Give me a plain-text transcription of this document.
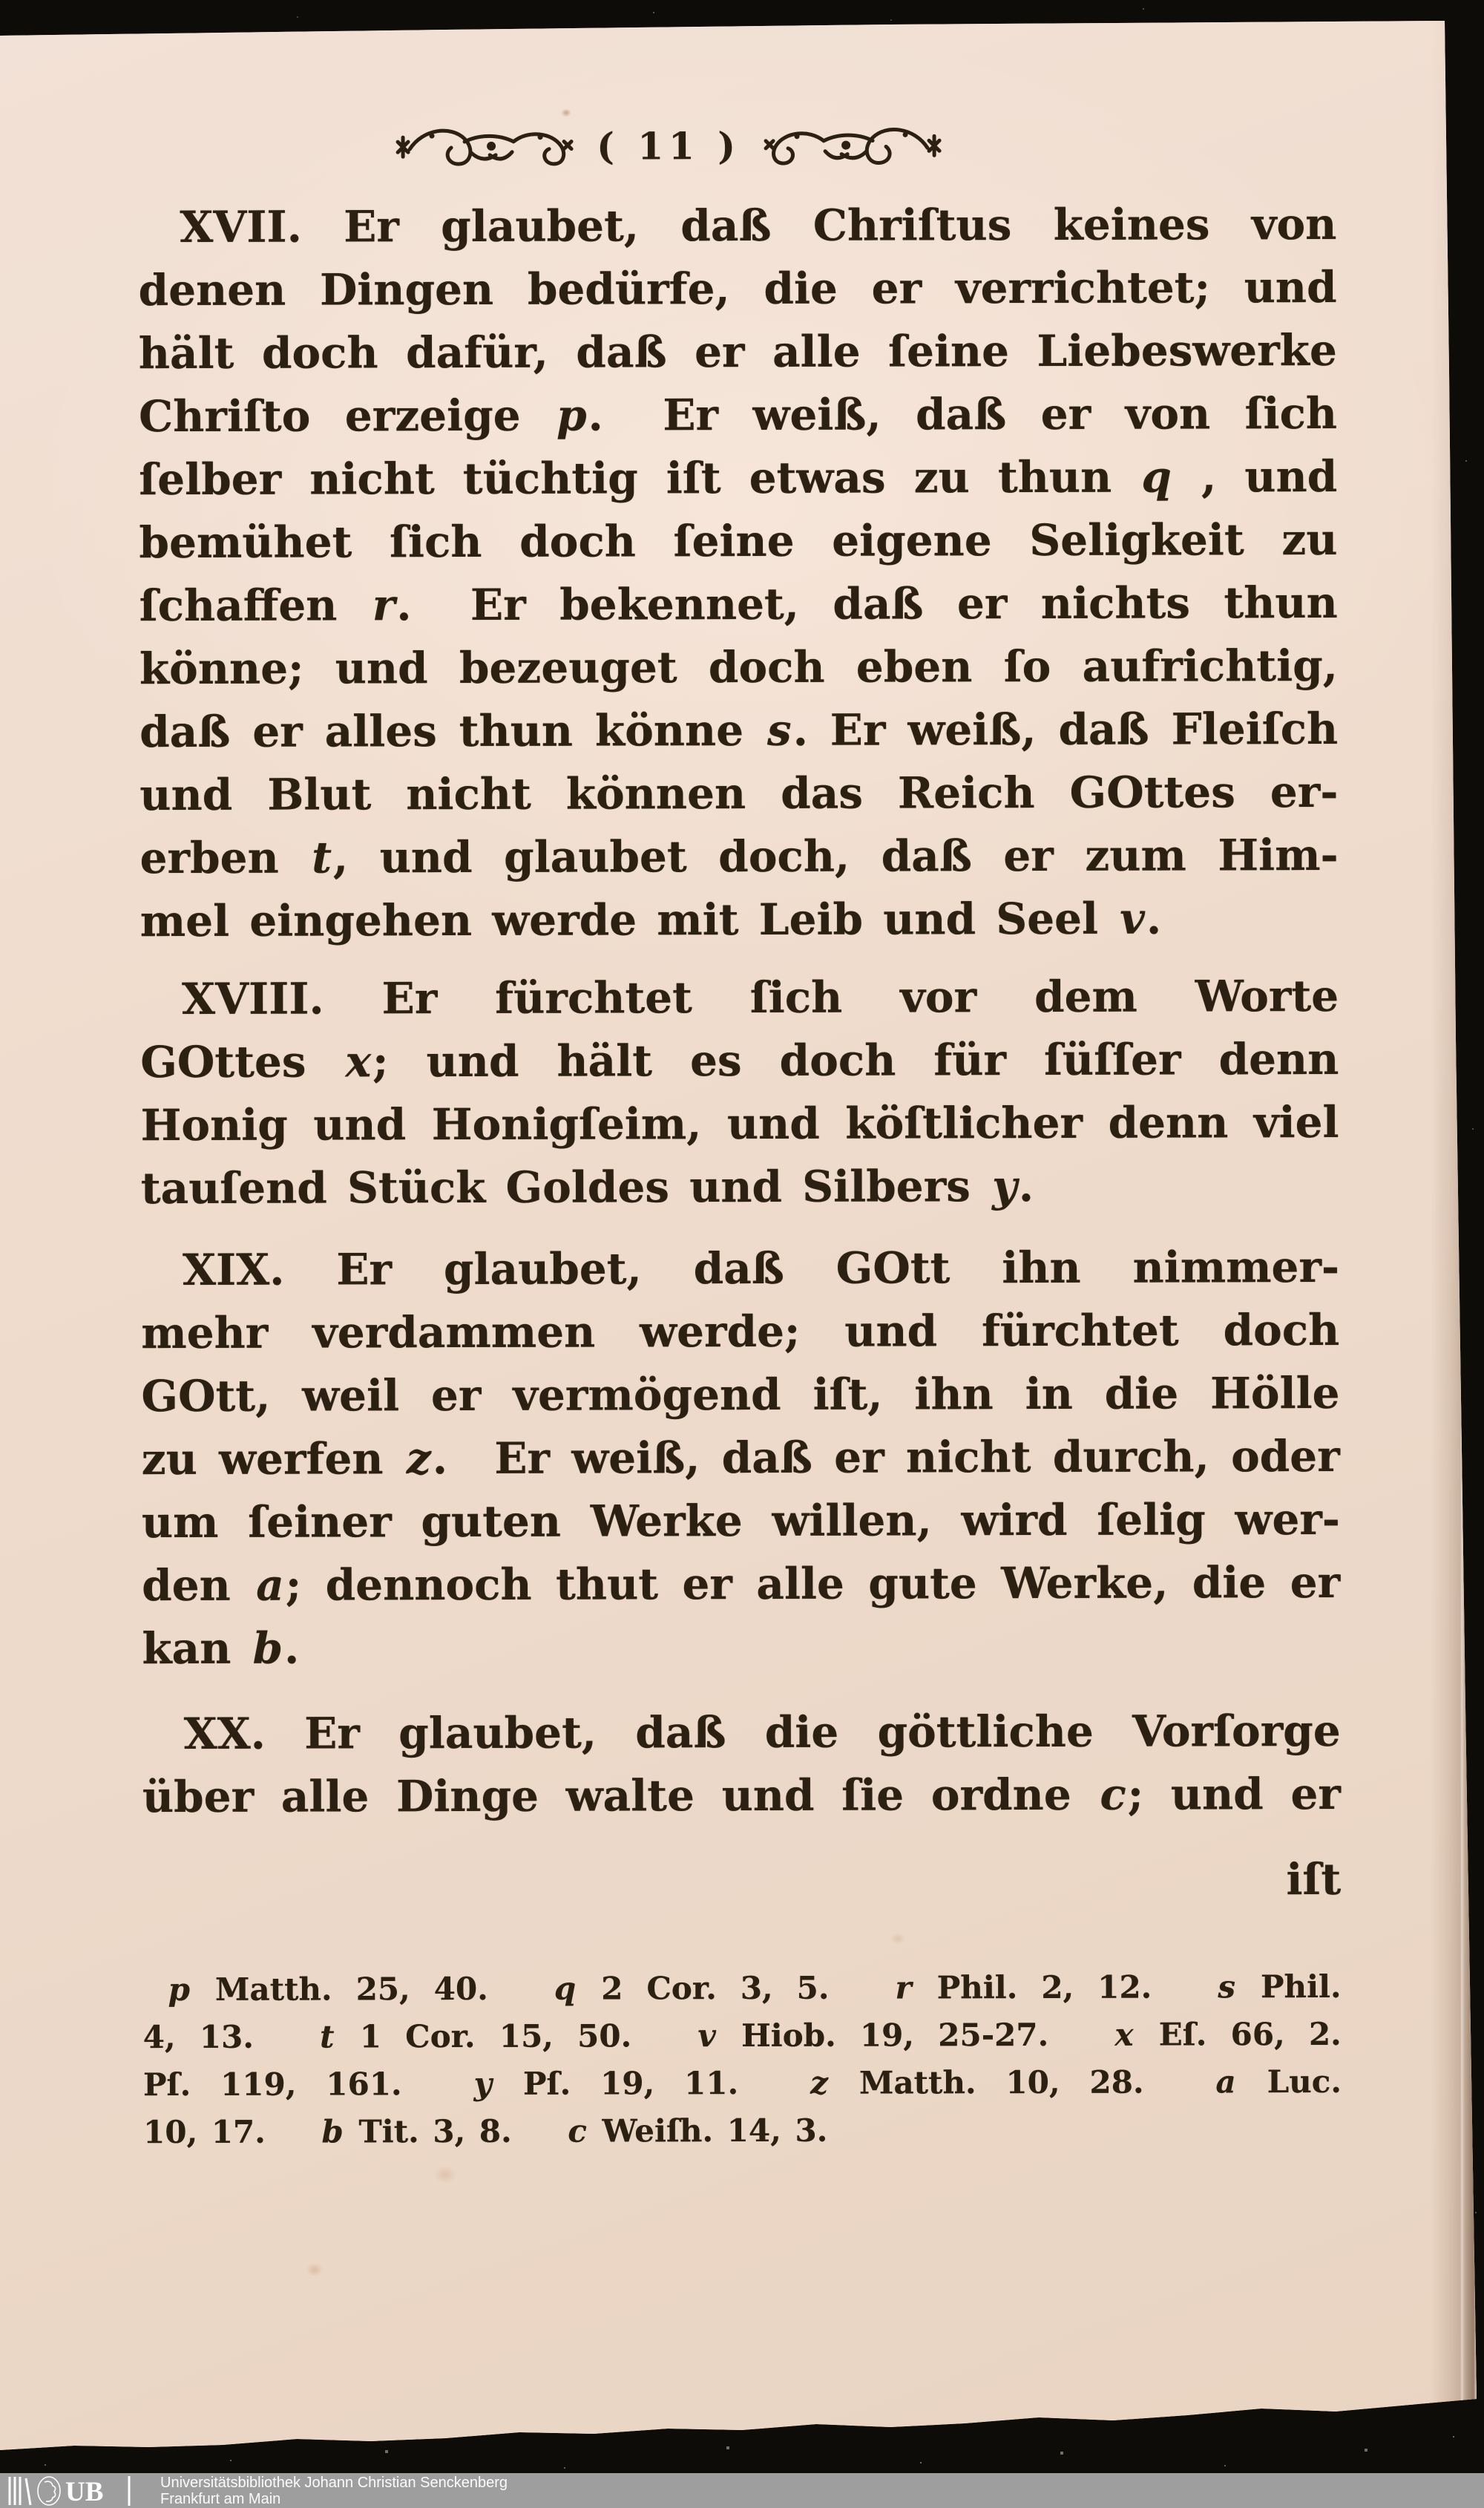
( 11 )
XVII. Er glaubet, daß Chriſtus keines von
denen Dingen bedürfe, die er verrichtet; und
hält doch dafür, daß er alle ſeine Liebeswerke
Chriſto erzeige p. Er weiß, daß er von ſich
ſelber nicht tüchtig iſt etwas zu thun q , und
bemühet ſich doch ſeine eigene Seligkeit zu
ſchaffen r. Er bekennet, daß er nichts thun
könne; und bezeuget doch eben ſo aufrichtig,
daß er alles thun könne s. Er weiß, daß Fleiſch
und Blut nicht können das Reich GOttes er-
erben t, und glaubet doch, daß er zum Him-
mel eingehen werde mit Leib und Seel v.
XVIII. Er fürchtet ſich vor dem Worte
GOttes x; und hält es doch für ſüſſer denn
Honig und Honigſeim, und köſtlicher denn viel
tauſend Stück Goldes und Silbers y.
XIX. Er glaubet, daß GOtt ihn nimmer-
mehr verdammen werde; und fürchtet doch
GOtt, weil er vermögend iſt, ihn in die Hölle
zu werfen z. Er weiß, daß er nicht durch, oder
um ſeiner guten Werke willen, wird ſelig wer-
den a; dennoch thut er alle gute Werke, die er
kan b.
XX. Er glaubet, daß die göttliche Vorſorge
über alle Dinge walte und ſie ordne c; und er
iſt
p Matth. 25, 40. q 2 Cor. 3, 5. r Phil. 2, 12. s Phil.
4, 13. t 1 Cor. 15, 50. v Hiob. 19, 25-27. x Eſ. 66, 2.
Pſ. 119, 161. y Pſ. 19, 11. z Matth. 10, 28. a Luc.
10, 17. b Tit. 3, 8. c Weiſh. 14, 3.
UB	Universitätsbibliothek Johann Christian Senckenberg
Frankfurt am Main
